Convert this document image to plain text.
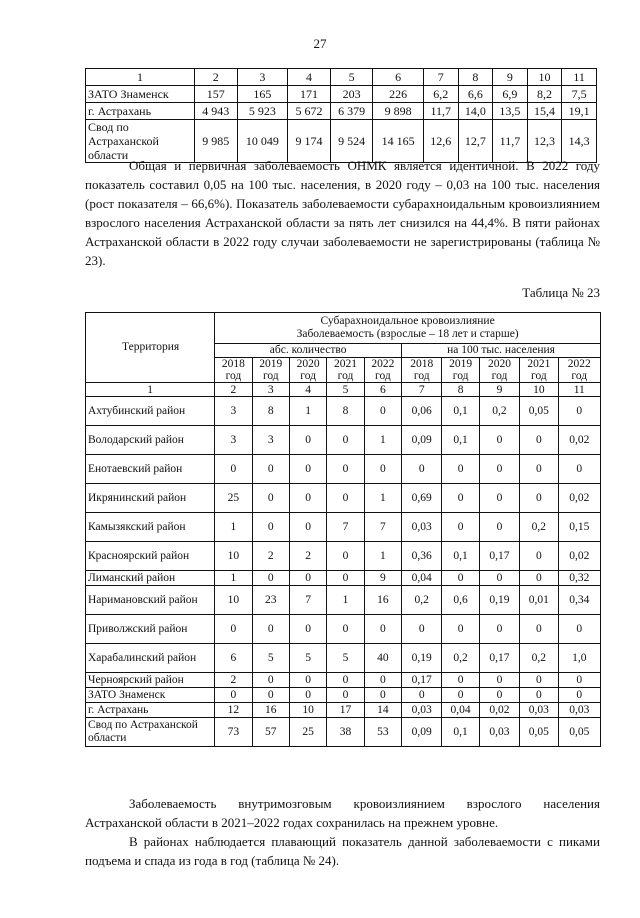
27
1	2	3	4	5	6	7	8	9	10	11
ЗАТО Знаменск	157	165	171	203	226	6,2	6,6	6,9	8,2	7,5
г. Астрахань	4 943	5 923	5 672	6 379	9 898	11,7	14,0	13,5	15,4	19,1
Свод по Астраханской области	9 985	10 049	9 174	9 524	14 165	12,6	12,7	11,7	12,3	14,3

Общая и первичная заболеваемость ОНМК является идентичной. В 2022 году показатель составил 0,05 на 100 тыс. населения, в 2020 году – 0,03 на 100 тыс. населения (рост показателя – 66,6%). Показатель заболеваемости субарахноидальным кровоизлиянием взрослого населения Астраханской области за пять лет снизился на 44,4%. В пяти районах Астраханской области в 2022 году случаи заболеваемости не зарегистрированы (таблица № 23).

Таблица № 23
Территория	Субарахноидальное кровоизлияние
Заболеваемость (взрослые – 18 лет и старше)									
	абс. количество					на 100 тыс. населения				
	2018 год	2019 год	2020 год	2021 год	2022 год	2018 год	2019 год	2020 год	2021 год	2022 год
1	2	3	4	5	6	7	8	9	10	11
Ахтубинский район	3	8	1	8	0	0,06	0,1	0,2	0,05	0
Володарский район	3	3	0	0	1	0,09	0,1	0	0	0,02
Енотаевский район	0	0	0	0	0	0	0	0	0	0
Икрянинский район	25	0	0	0	1	0,69	0	0	0	0,02
Камызякский район	1	0	0	7	7	0,03	0	0	0,2	0,15
Красноярский район	10	2	2	0	1	0,36	0,1	0,17	0	0,02
Лиманский район	1	0	0	0	9	0,04	0	0	0	0,32
Наримановский район	10	23	7	1	16	0,2	0,6	0,19	0,01	0,34
Приволжский район	0	0	0	0	0	0	0	0	0	0
Харабалинский район	6	5	5	5	40	0,19	0,2	0,17	0,2	1,0
Черноярский район	2	0	0	0	0	0,17	0	0	0	0
ЗАТО Знаменск	0	0	0	0	0	0	0	0	0	0
г. Астрахань	12	16	10	17	14	0,03	0,04	0,02	0,03	0,03
Свод по Астраханской области	73	57	25	38	53	0,09	0,1	0,03	0,05	0,05

Заболеваемость внутримозговым кровоизлиянием взрослого населения Астраханской области в 2021–2022 годах сохранилась на прежнем уровне.

В районах наблюдается плавающий показатель данной заболеваемости с пиками подъема и спада из года в год (таблица № 24).
